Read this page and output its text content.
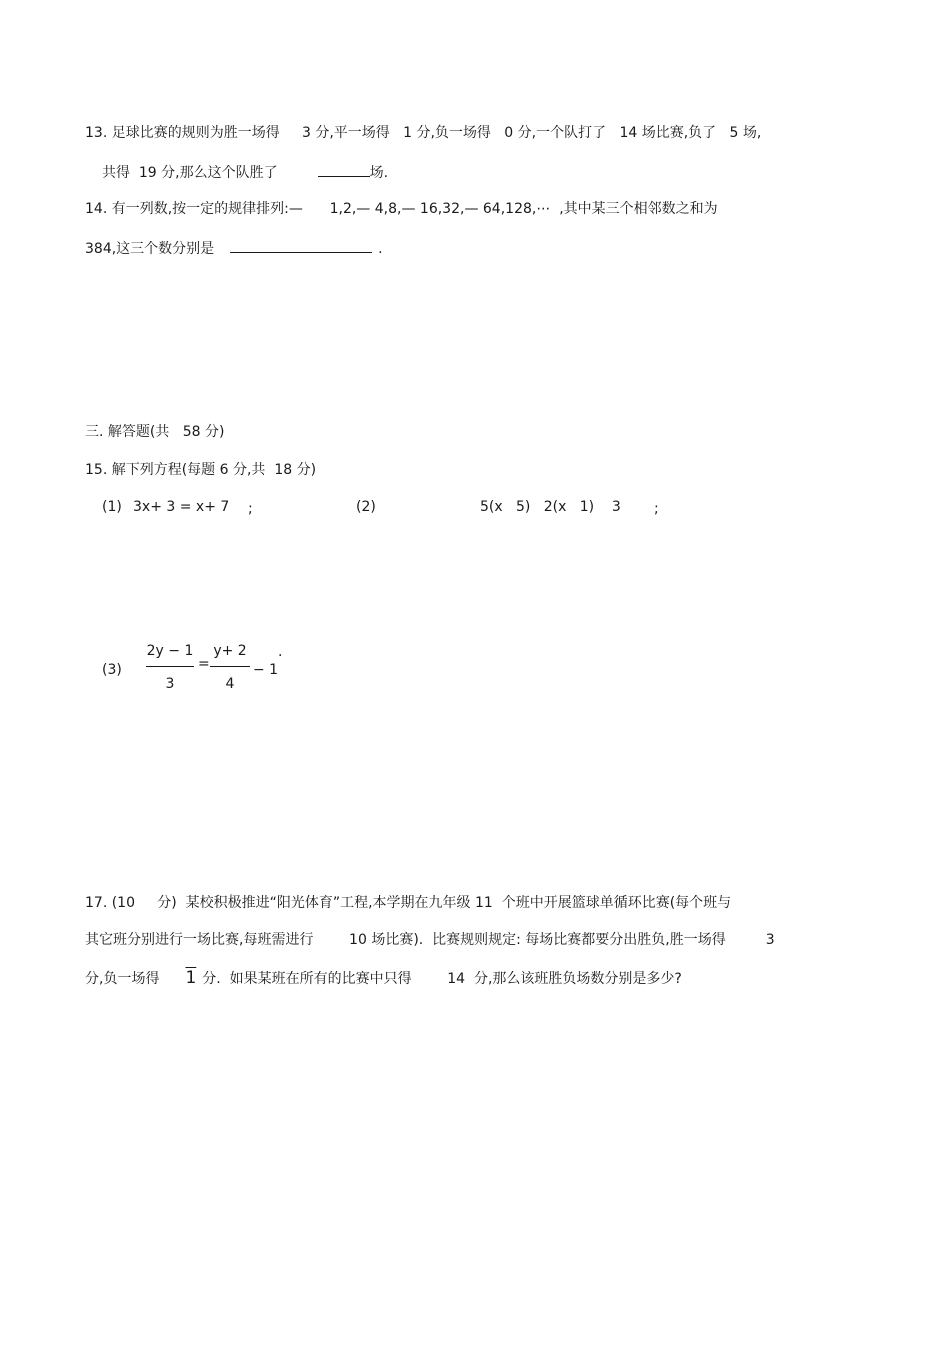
13. 足球比赛的规则为胜一场得     3 分,平一场得   1 分,负一场得   0 分,一个队打了   14 场比赛,负了   5 场,
共得  19 分,那么这个队胜了	场.
14. 有一列数,按一定的规律排列:—      1,2,— 4,8,— 16,32,— 64,128,⋯  ,其中某三个相邻数之和为
384,这三个数分别是	.
三. 解答题(共   58 分)
15. 解下列方程(每题 6 分,共  18 分)
(1) 3x+ 3 = x+ 7 ;	(2)	5(x   5)   2(x   1)    3 ;
(3)
2y − 1
3
=
y+ 2
4
− 1
.
17. (10     分)  某校积极推进“阳光体育”工程,本学期在九年级 11  个班中开展篮球单循环比赛(每个班与
其它班分别进行一场比赛,每班需进行        10 场比赛).  比赛规则规定: 每场比赛都要分出胜负,胜一场得         3
分,负一场得 1 分.  如果某班在所有的比赛中只得        14  分,那么该班胜负场数分别是多少?
